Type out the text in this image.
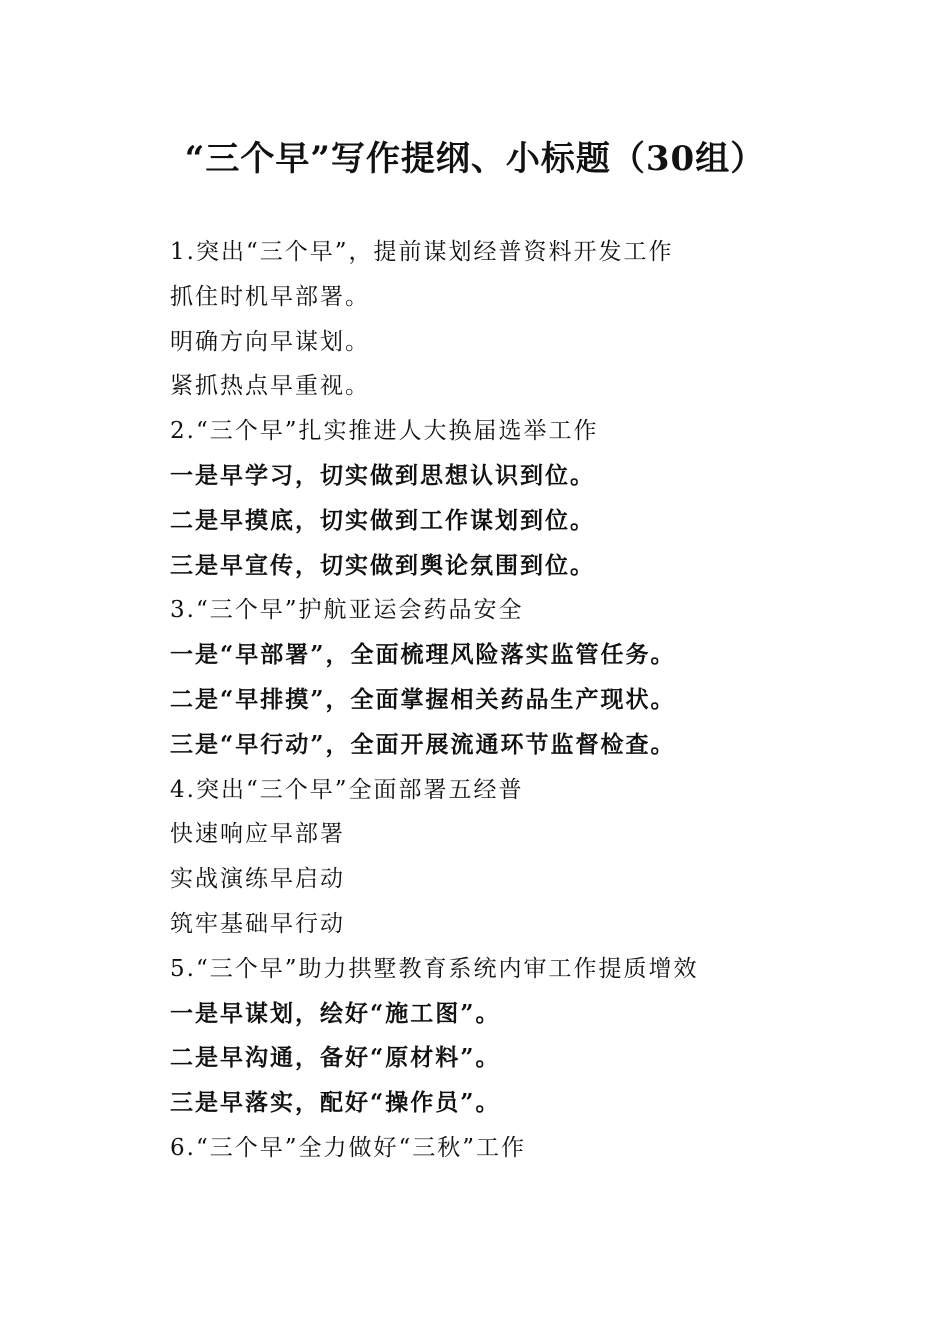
“三个早”写作提纲、小标题（30组）
1.突出“三个早”，提前谋划经普资料开发工作
抓住时机早部署。
明确方向早谋划。
紧抓热点早重视。
2.“三个早”扎实推进人大换届选举工作
一是早学习，切实做到思想认识到位。
二是早摸底，切实做到工作谋划到位。
三是早宣传，切实做到舆论氛围到位。
3.“三个早”护航亚运会药品安全
一是“早部署”，全面梳理风险落实监管任务。
二是“早排摸”，全面掌握相关药品生产现状。
三是“早行动”，全面开展流通环节监督检查。
4.突出“三个早”全面部署五经普
快速响应早部署
实战演练早启动
筑牢基础早行动
5.“三个早”助力拱墅教育系统内审工作提质增效
一是早谋划，绘好“施工图”。
二是早沟通，备好“原材料”。
三是早落实，配好“操作员”。
6.“三个早”全力做好“三秋”工作
